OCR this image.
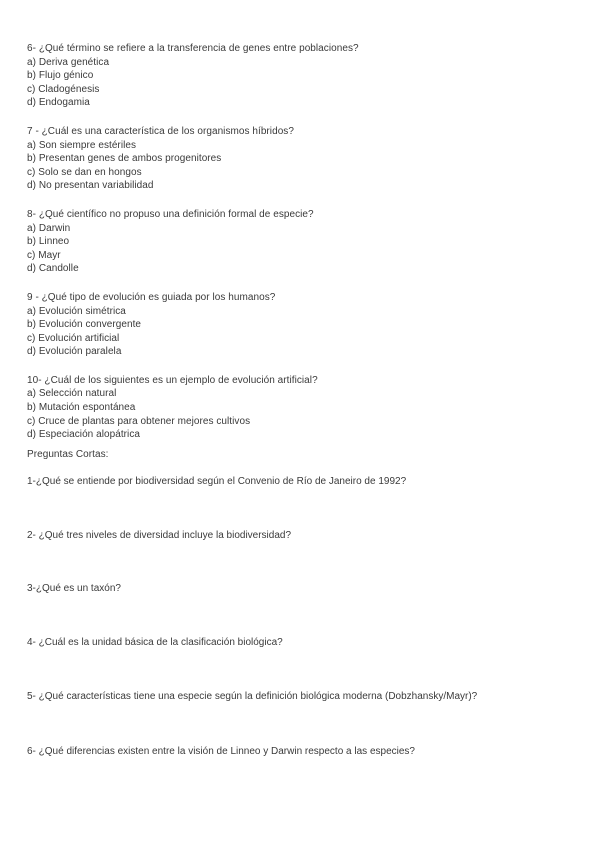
6- ¿Qué término se refiere a la transferencia de genes entre poblaciones?
a) Deriva genética
b) Flujo génico
c) Cladogénesis
d) Endogamia
7 - ¿Cuál es una característica de los organismos híbridos?
a) Son siempre estériles
b) Presentan genes de ambos progenitores
c) Solo se dan en hongos
d) No presentan variabilidad
8- ¿Qué científico no propuso una definición formal de especie?
a) Darwin
b) Linneo
c) Mayr
d) Candolle
9 - ¿Qué tipo de evolución es guiada por los humanos?
a) Evolución simétrica
b) Evolución convergente
c) Evolución artificial
d) Evolución paralela
10- ¿Cuál de los siguientes es un ejemplo de evolución artificial?
a) Selección natural
b) Mutación espontánea
c) Cruce de plantas para obtener mejores cultivos
d) Especiación alopátrica
Preguntas Cortas:
1-¿Qué se entiende por biodiversidad según el Convenio de Río de Janeiro de 1992?
2- ¿Qué tres niveles de diversidad incluye la biodiversidad?
3-¿Qué es un taxón?
4- ¿Cuál es la unidad básica de la clasificación biológica?
5- ¿Qué características tiene una especie según la definición biológica moderna (Dobzhansky/Mayr)?
6- ¿Qué diferencias existen entre la visión de Linneo y Darwin respecto a las especies?
